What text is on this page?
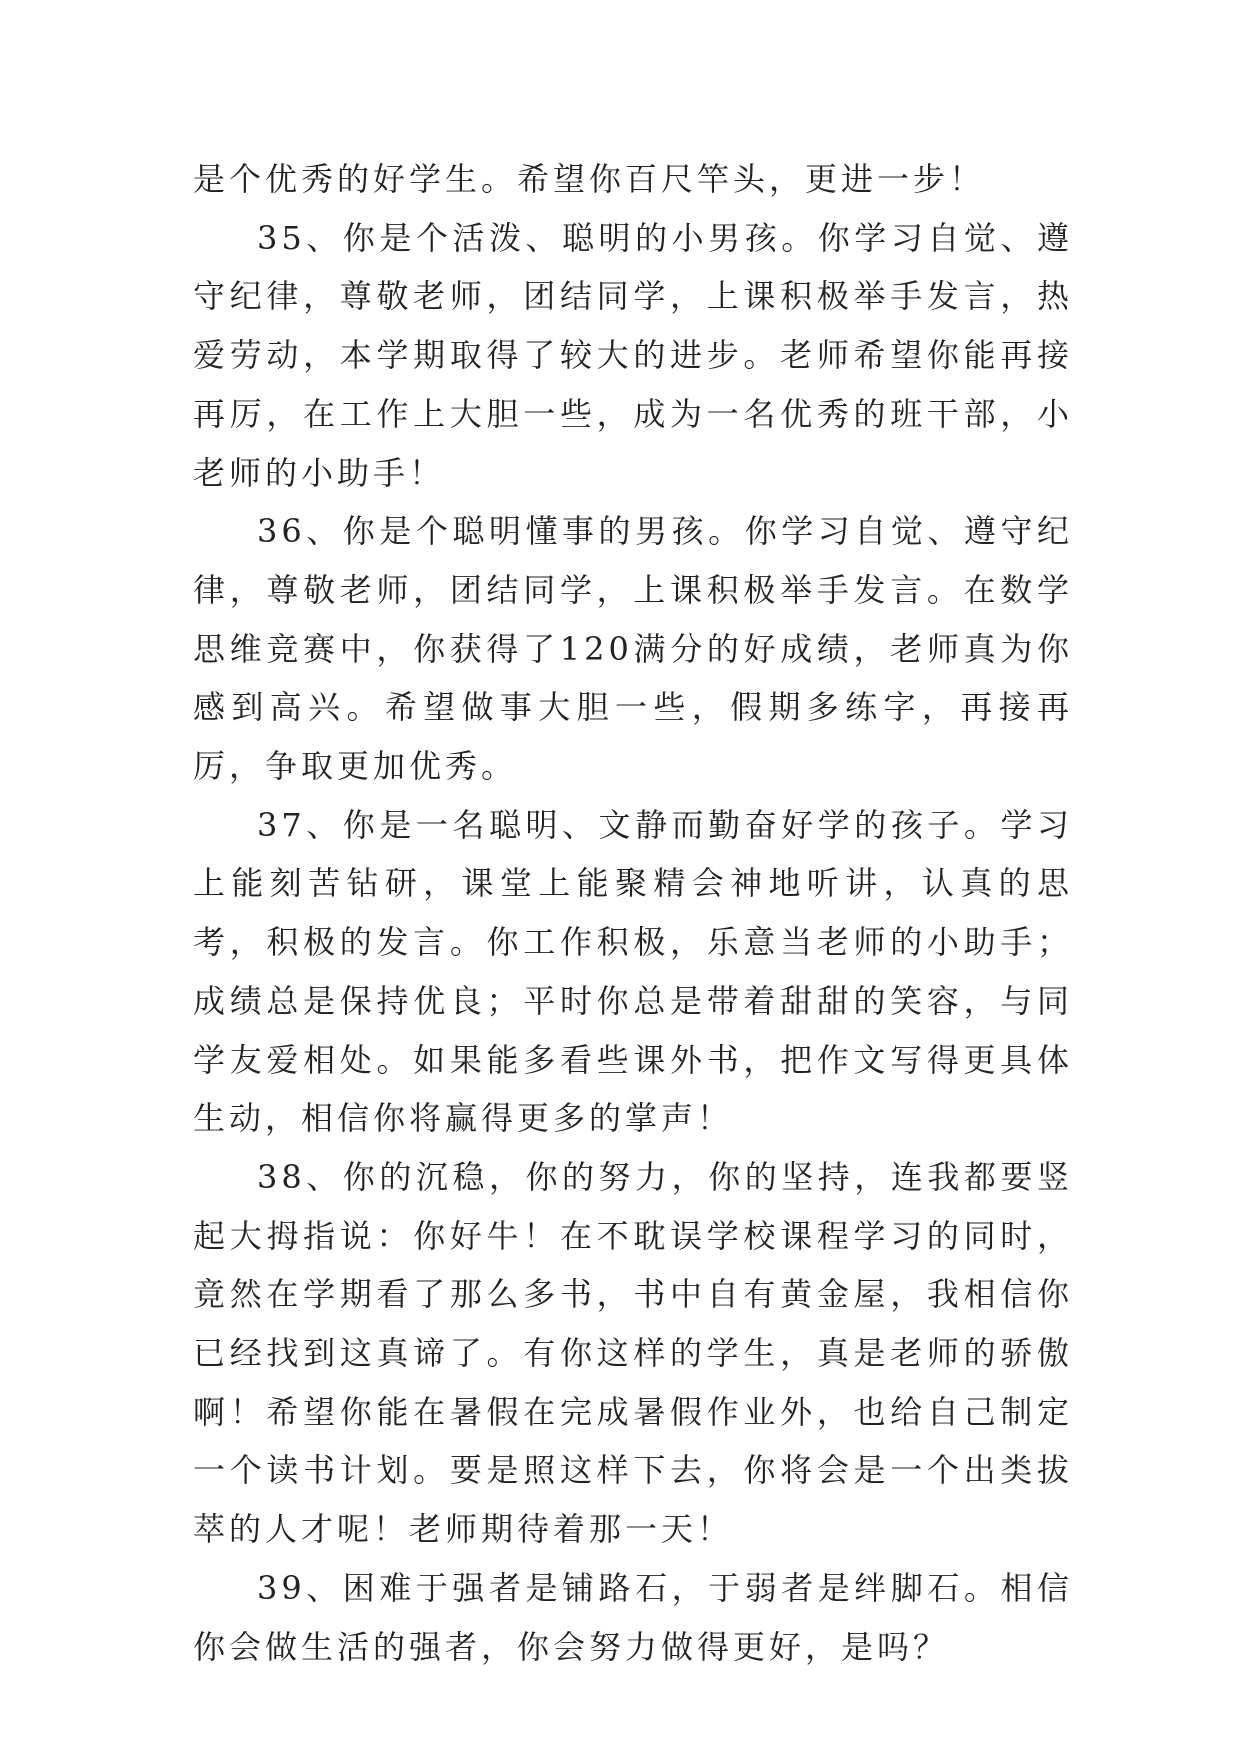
是个优秀的好学生。希望你百尺竿头，更进一步！

35、你是个活泼、聪明的小男孩。你学习自觉、遵守纪律，尊敬老师，团结同学，上课积极举手发言，热爱劳动，本学期取得了较大的进步。老师希望你能再接再厉，在工作上大胆一些，成为一名优秀的班干部，小老师的小助手！

36、你是个聪明懂事的男孩。你学习自觉、遵守纪律，尊敬老师，团结同学，上课积极举手发言。在数学思维竞赛中，你获得了120满分的好成绩，老师真为你感到高兴。希望做事大胆一些，假期多练字，再接再厉，争取更加优秀。

37、你是一名聪明、文静而勤奋好学的孩子。学习上能刻苦钻研，课堂上能聚精会神地听讲，认真的思考，积极的发言。你工作积极，乐意当老师的小助手；成绩总是保持优良；平时你总是带着甜甜的笑容，与同学友爱相处。如果能多看些课外书，把作文写得更具体生动，相信你将赢得更多的掌声！

38、你的沉稳，你的努力，你的坚持，连我都要竖起大拇指说：你好牛！在不耽误学校课程学习的同时，竟然在学期看了那么多书，书中自有黄金屋，我相信你已经找到这真谛了。有你这样的学生，真是老师的骄傲啊！希望你能在暑假在完成暑假作业外，也给自己制定一个读书计划。要是照这样下去，你将会是一个出类拔萃的人才呢！老师期待着那一天！

39、困难于强者是铺路石，于弱者是绊脚石。相信你会做生活的强者，你会努力做得更好，是吗？
